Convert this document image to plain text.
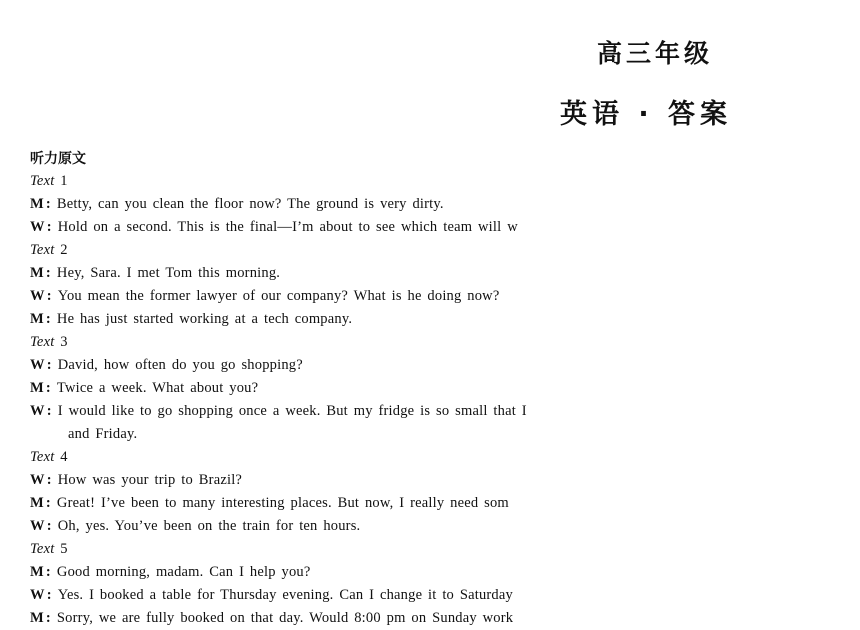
高三年级
英语 · 答案
听力原文
Text 1
M : Betty, can you clean the floor now? The ground is very dirty.
W : Hold on a second. This is the final—I’m about to see which team will w
Text 2
M : Hey, Sara. I met Tom this morning.
W : You mean the former lawyer of our company? What is he doing now?
M : He has just started working at a tech company.
Text 3
W : David, how often do you go shopping?
M : Twice a week. What about you?
W : I would like to go shopping once a week. But my fridge is so small that I
and Friday.
Text 4
W : How was your trip to Brazil?
M : Great! I’ve been to many interesting places. But now, I really need som
W : Oh, yes. You’ve been on the train for ten hours.
Text 5
M : Good morning, madam. Can I help you?
W : Yes. I booked a table for Thursday evening. Can I change it to Saturday
M : Sorry, we are fully booked on that day. Would 8:00 pm on Sunday work
